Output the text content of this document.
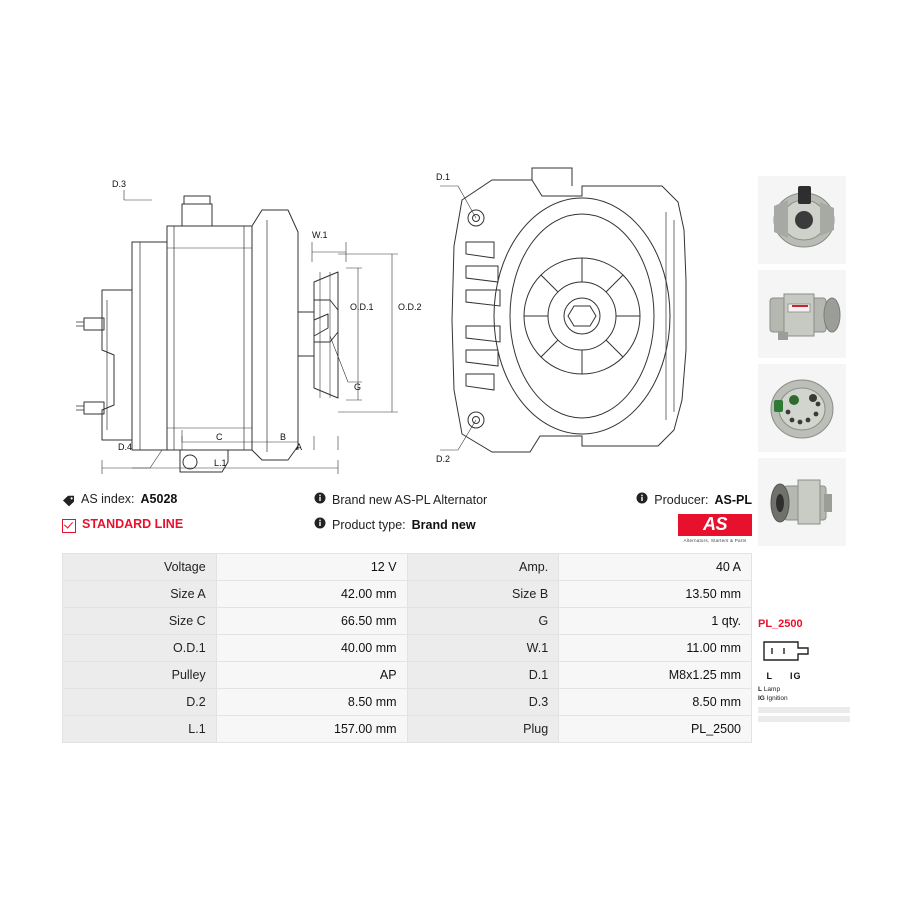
D.3
W.1
O.D.1	O.D.2
G
D.4
C	B
A
L.1
D.1
D.2
AS index: A5028	Brand new AS-PL Alternator	Producer: AS-PL
STANDARD LINE	Product type: Brand new	AS
Alternators, Starters & Parts
Voltage	12 V	Amp.	40 A
Size A	42.00 mm	Size B	13.50 mm
Size C	66.50 mm	G	1 qty.
O.D.1	40.00 mm	W.1	11.00 mm
Pulley	AP	D.1	M8x1.25 mm
D.2	8.50 mm	D.3	8.50 mm
L.1	157.00 mm	Plug	PL_2500
PL_2500
L IG
L Lamp
IG Ignition
